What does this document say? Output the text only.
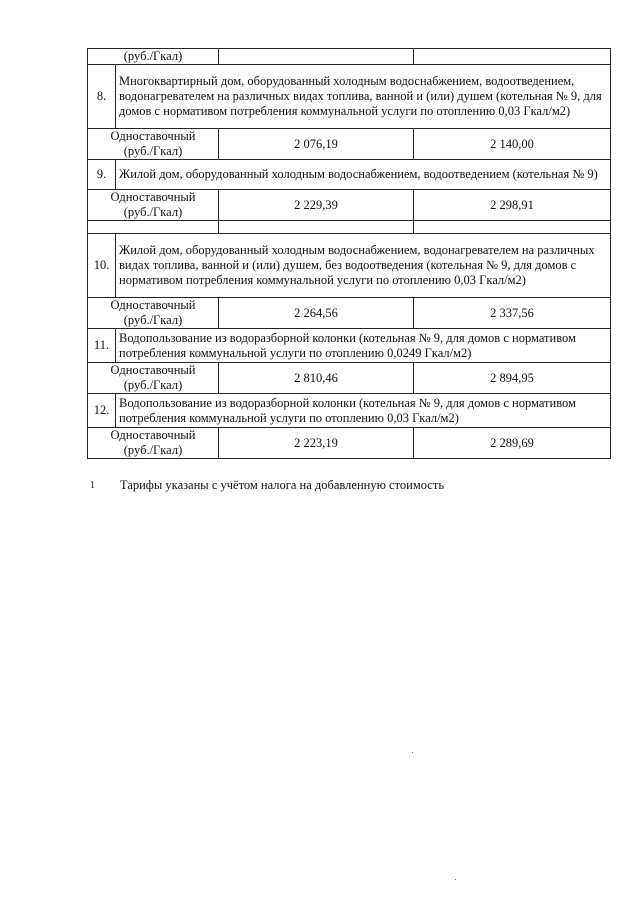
(руб./Гкал)			
8.	Многоквартирный дом, оборудованный холодным водоснабжением, водоотведением, водонагревателем на различных видах топлива, ванной и (или) душем (котельная № 9, для домов с нормативом потребления коммунальной услуги по отоплению 0,03 Гкал/м2)		

Одноставочный
(руб./Гкал)		2 076,19	2 140,00
9.	Жилой дом, оборудованный холодным водоснабжением, водоотведением (котельная № 9)		

Одноставочный
(руб./Гкал)		2 229,39	2 298,91

10.	Жилой дом, оборудованный холодным водоснабжением, водонагревателем на различных видах топлива, ванной и (или) душем, без водоотведения (котельная № 9, для домов с нормативом потребления коммунальной услуги по отоплению 0,03 Гкал/м2)		

Одноставочный
(руб./Гкал)		2 264,56	2 337,56
11.	Водопользование из водоразборной колонки (котельная № 9, для домов с нормативом потребления коммунальной услуги по отоплению 0,0249 Гкал/м2)		

Одноставочный
(руб./Гкал)		2 810,46	2 894,95
12.	Водопользование из водоразборной колонки (котельная № 9, для домов с нормативом потребления коммунальной услуги по отоплению 0,03 Гкал/м2)		

Одноставочный
(руб./Гкал)		2 223,19	2 289,69
1 Тарифы указаны с учётом налога на добавленную стоимость
